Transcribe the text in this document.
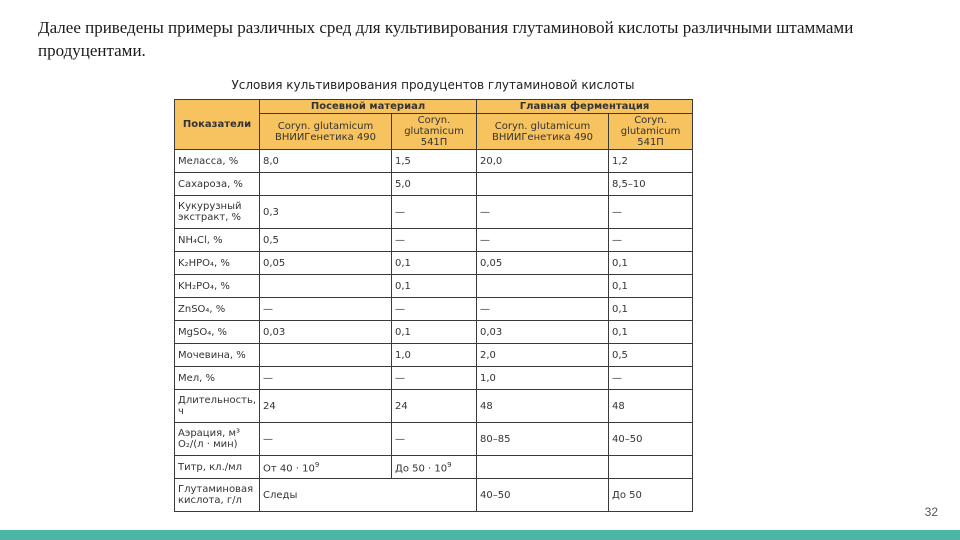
Далее приведены примеры различных сред для культивирования глутаминовой кислоты различными штаммами продуцентами.
Условия культивирования продуцентов глутаминовой кислоты
Показатели	Посевной материал		Главная ферментация	
	Coryn. glutamicum ВНИИГенетика 490	Coryn. glutamicum 541П	Coryn. glutamicum ВНИИГенетика 490	Coryn. glutamicum 541П
Меласса, %	8,0	1,5	20,0	1,2
Сахароза, %		5,0		8,5–10
Кукурузный экстракт, %	0,3	—	—	—
NH₄Cl, %	0,5	—	—	—
K₂HPO₄, %	0,05	0,1	0,05	0,1
KH₂PO₄, %		0,1		0,1
ZnSO₄, %	—	—	—	0,1
MgSO₄, %	0,03	0,1	0,03	0,1
Мочевина, %		1,0	2,0	0,5
Мел, %	—	—	1,0	—
Длительность, ч	24	24	48	48
Аэрация, м³ O₂/(л · мин)	—	—	80–85	40–50
Титр, кл./мл	От $40 \cdot 10^9$	До $50 \cdot 10^9$		
Глутаминовая кислота, г/л	Следы		40–50	До 50
32
